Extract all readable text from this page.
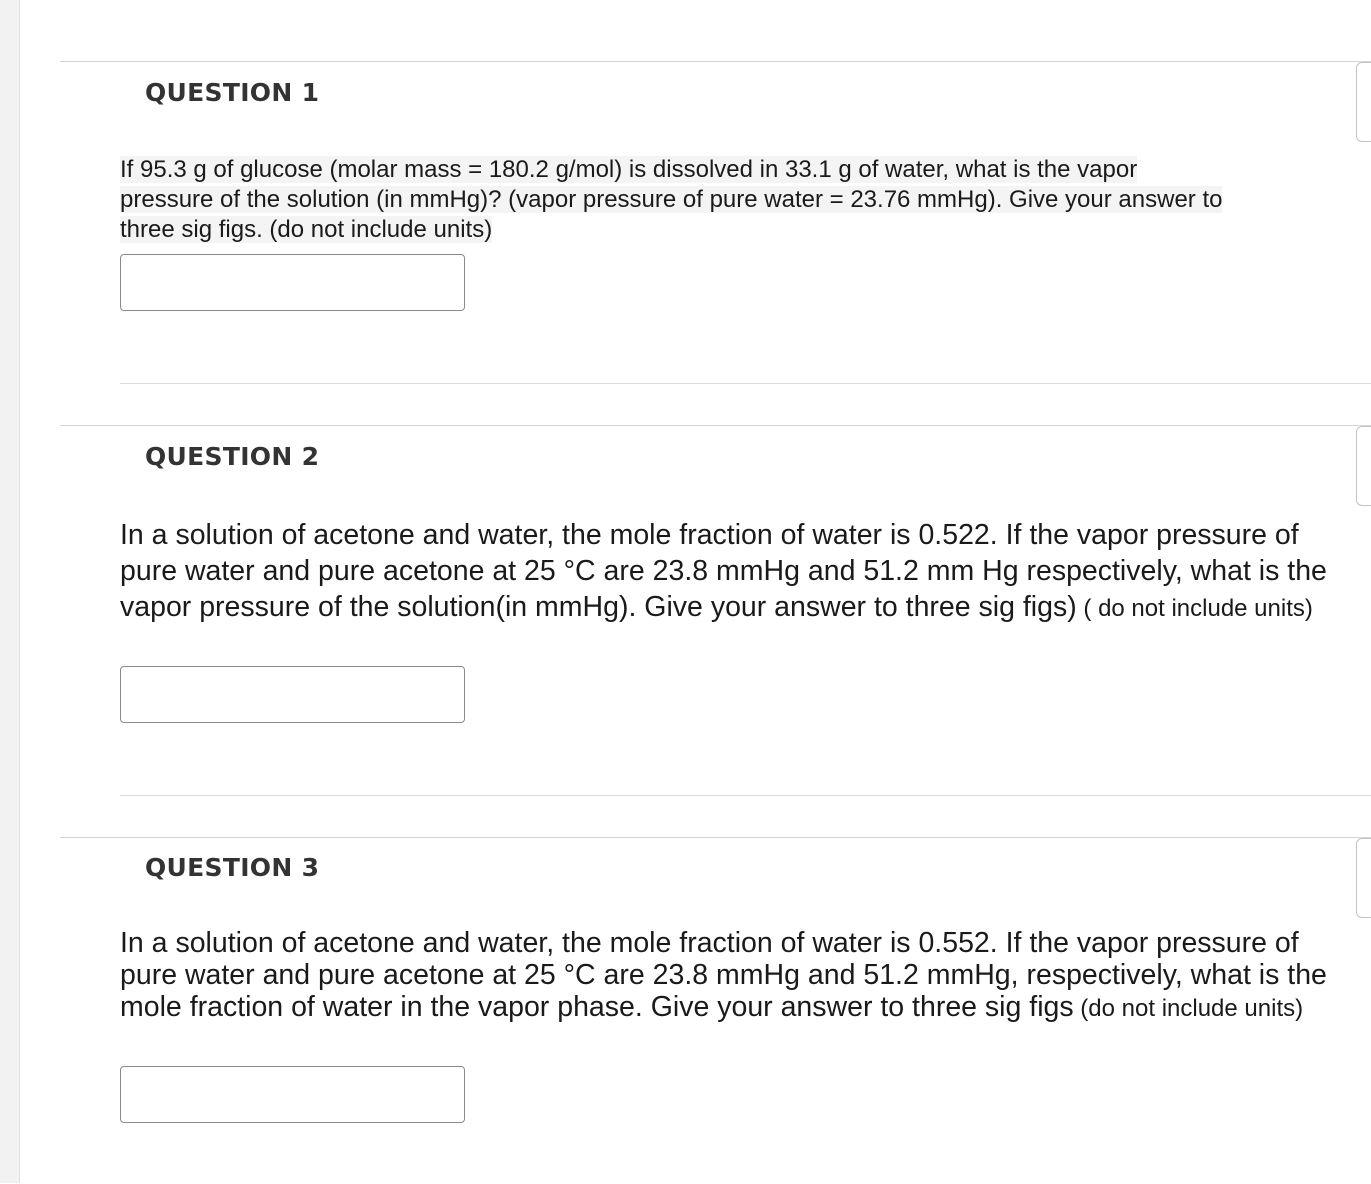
QUESTION 1
If 95.3 g of glucose (molar mass = 180.2 g/mol) is dissolved in 33.1 g of water, what is the vapor
pressure of the solution (in mmHg)? (vapor pressure of pure water = 23.76 mmHg). Give your answer to
three sig figs. (do not include units)
QUESTION 2

In a solution of acetone and water, the mole fraction of water is 0.522. If the vapor pressure of pure water and pure acetone at 25 °C are 23.8 mmHg and 51.2 mm Hg respectively, what is the vapor pressure of the solution(in mmHg). Give your answer to three sig figs) ( do not include units)

QUESTION 3

In a solution of acetone and water, the mole fraction of water is 0.552. If the vapor pressure of pure water and pure acetone at 25 °C are 23.8 mmHg and 51.2 mmHg, respectively, what is the mole fraction of water in the vapor phase. Give your answer to three sig figs (do not include units)
